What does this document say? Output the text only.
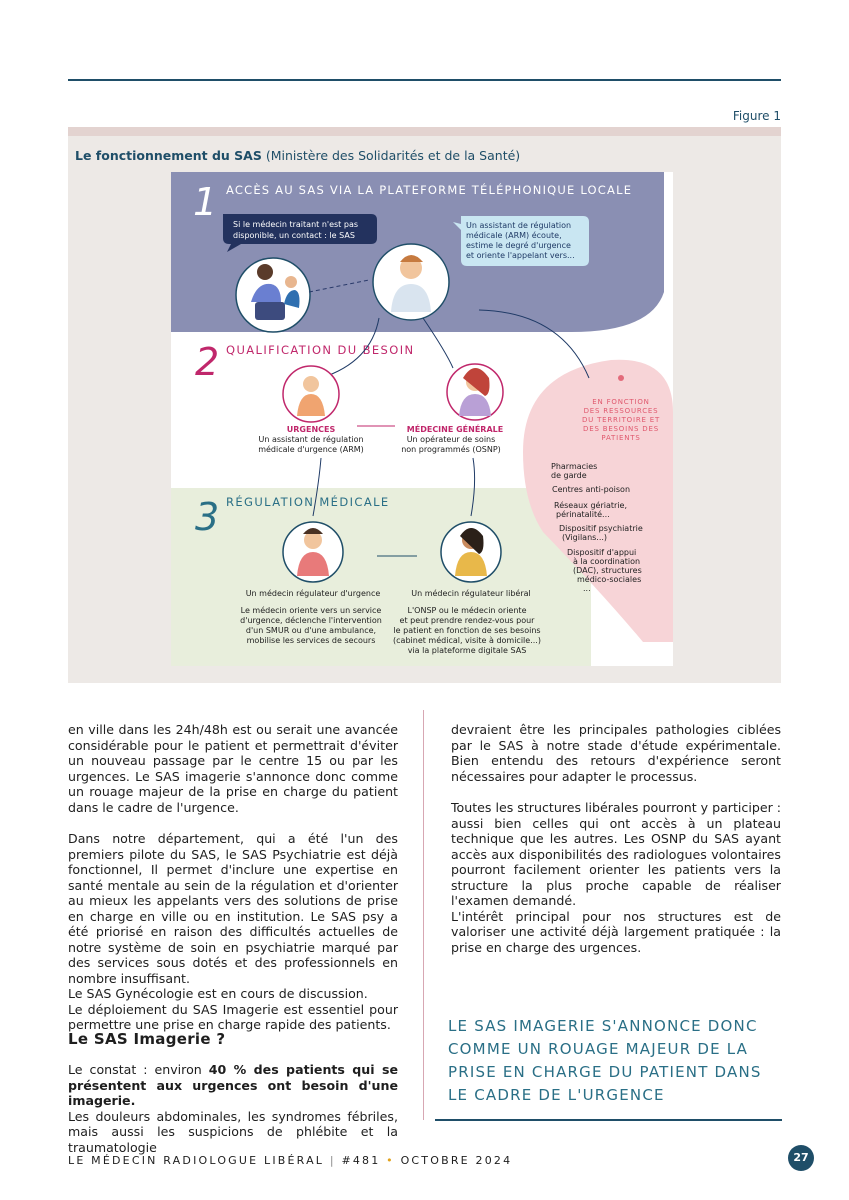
Figure 1
Le fonctionnement du SAS (Ministère des Solidarités et de la Santé)
1 ACCÈS AU SAS VIA LA PLATEFORME TÉLÉPHONIQUE LOCALE
2 QUALIFICATION DU BESOIN
3 RÉGULATION MÉDICALE
Si le médecin traitant n'est pas
disponible, un contact : le SAS
Un assistant de régulation
médicale (ARM) écoute,
estime le degré d'urgence
et oriente l'appelant vers...
URGENCES
Un assistant de régulation
médicale d'urgence (ARM)
MÉDECINE GÉNÉRALE
Un opérateur de soins
non programmés (OSNP)
Un médecin régulateur d'urgence
Le médecin oriente vers un service
d'urgence, déclenche l'intervention
d'un SMUR ou d'une ambulance,
mobilise les services de secours
Un médecin régulateur libéral
L'ONSP ou le médecin oriente
et peut prendre rendez-vous pour
le patient en fonction de ses besoins
(cabinet médical, visite à domicile...)
via la plateforme digitale SAS
EN FONCTION
DES RESSOURCES
DU TERRITOIRE ET
DES BESOINS DES
PATIENTS
Pharmacies
de garde
Centres anti-poison
Réseaux gériatrie,
périnatalité...
Dispositif psychiatrie
(Vigilans...)
Dispositif d'appui
à la coordination
(DAC), structures
médico-sociales
...

en ville dans les 24h/48h est ou serait une avancée considérable pour le patient et permettrait d'éviter un nouveau passage par le centre 15 ou par les urgences. Le SAS imagerie s'annonce donc comme un rouage majeur de la prise en charge du patient dans le cadre de l'urgence.

Dans notre département, qui a été l'un des premiers pilote du SAS, le SAS Psychiatrie est déjà fonctionnel, Il permet d'inclure une expertise en santé mentale au sein de la régulation et d'orienter au mieux les appelants vers des solutions de prise en charge en ville ou en institution. Le SAS psy a été priorisé en raison des difficultés actuelles de notre système de soin en psychiatrie marqué par des services sous dotés et des professionnels en nombre insuffisant.

Le SAS Gynécologie est en cours de discussion.

Le déploiement du SAS Imagerie est essentiel pour permettre une prise en charge rapide des patients.

Le SAS Imagerie ?

Le constat : environ 40 % des patients qui se présentent aux urgences ont besoin d'une imagerie.

Les douleurs abdominales, les syndromes fébriles, mais aussi les suspicions de phlébite et la traumatologie

devraient être les principales pathologies ciblées par le SAS à notre stade d'étude expérimentale. Bien entendu des retours d'expérience seront nécessaires pour adapter le processus.

Toutes les structures libérales pourront y participer : aussi bien celles qui ont accès à un plateau technique que les autres. Les OSNP du SAS ayant accès aux disponibilités des radiologues volontaires pourront facilement orienter les patients vers la structure la plus proche capable de réaliser l'examen demandé.

L'intérêt principal pour nos structures est de valoriser une activité déjà largement pratiquée : la prise en charge des urgences.

LE SAS IMAGERIE S'ANNONCE DONC COMME UN ROUAGE MAJEUR DE LA PRISE EN CHARGE DU PATIENT DANS LE CADRE DE L'URGENCE
LE MÉDECIN RADIOLOGUE LIBÉRAL | #481 • OCTOBRE 2024	27
